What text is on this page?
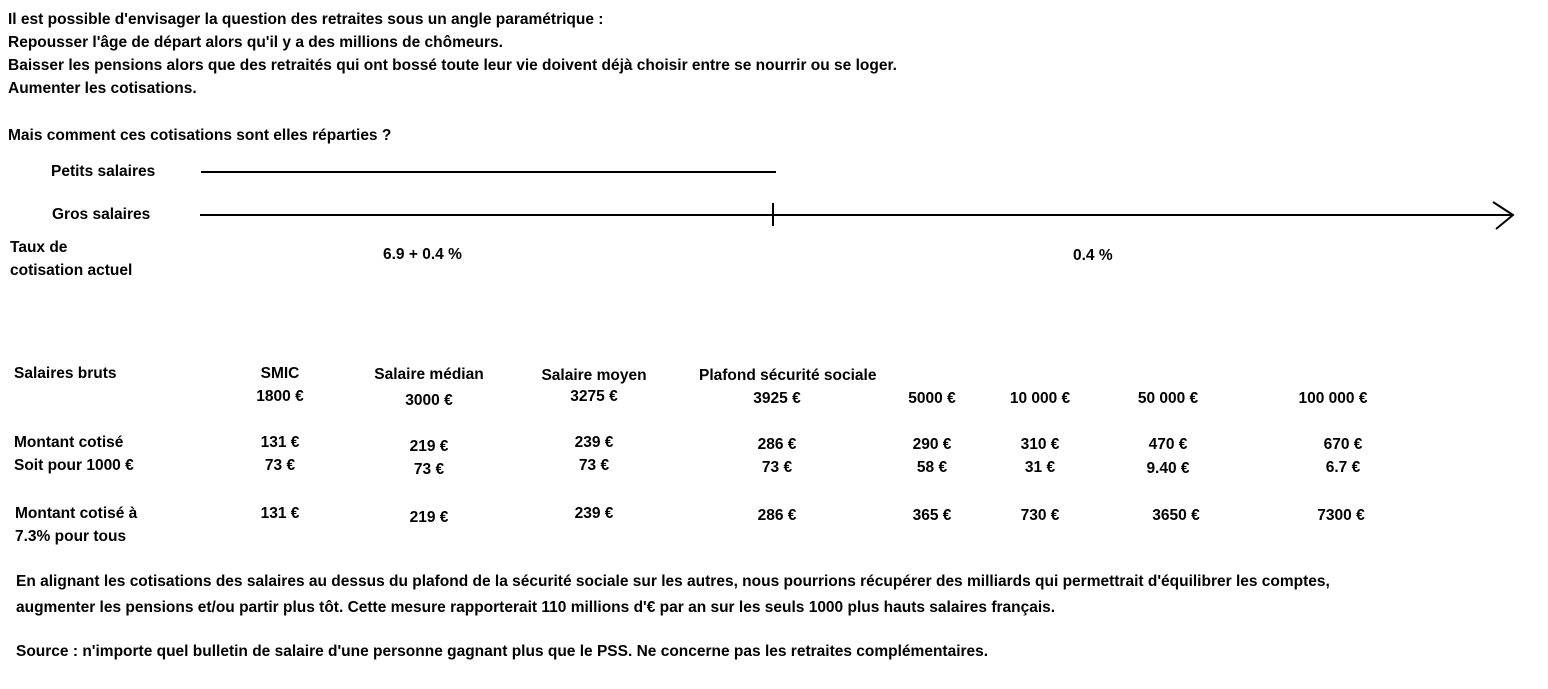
Il est possible d'envisager la question des retraites sous un angle paramétrique :
Repousser l'âge de départ alors qu'il y a des millions de chômeurs.
Baisser les pensions alors que des retraités qui ont bossé toute leur vie doivent déjà choisir entre se nourrir ou se loger.
Aumenter les cotisations.
Mais comment ces cotisations sont elles réparties ?
Petits salaires
Gros salaires
Taux de
cotisation actuel
6.9 + 0.4 %	0.4 %
Salaires bruts
Montant cotisé
Soit pour 1000 €
Montant cotisé à
7.3% pour tous
SMIC
1800 €
131 €
73 €
131 €
Salaire médian
3000 €
219 €
73 €
219 €
Salaire moyen
3275 €
239 €
73 €
239 €
Plafond sécurité sociale
3925 €
286 €
73 €
286 €
5000 €
290 €
58 €
365 €
10 000 €
310 €
31 €
730 €
50 000 €
470 €
9.40 €
3650 €
100 000 €
670 €
6.7 €
7300 €
En alignant les cotisations des salaires au dessus du plafond de la sécurité sociale sur les autres, nous pourrions récupérer des milliards qui permettrait d'équilibrer les comptes,
augmenter les pensions et/ou partir plus tôt. Cette mesure rapporterait 110 millions d'€ par an sur les seuls 1000 plus hauts salaires français.
Source : n'importe quel bulletin de salaire d'une personne gagnant plus que le PSS. Ne concerne pas les retraites complémentaires.
